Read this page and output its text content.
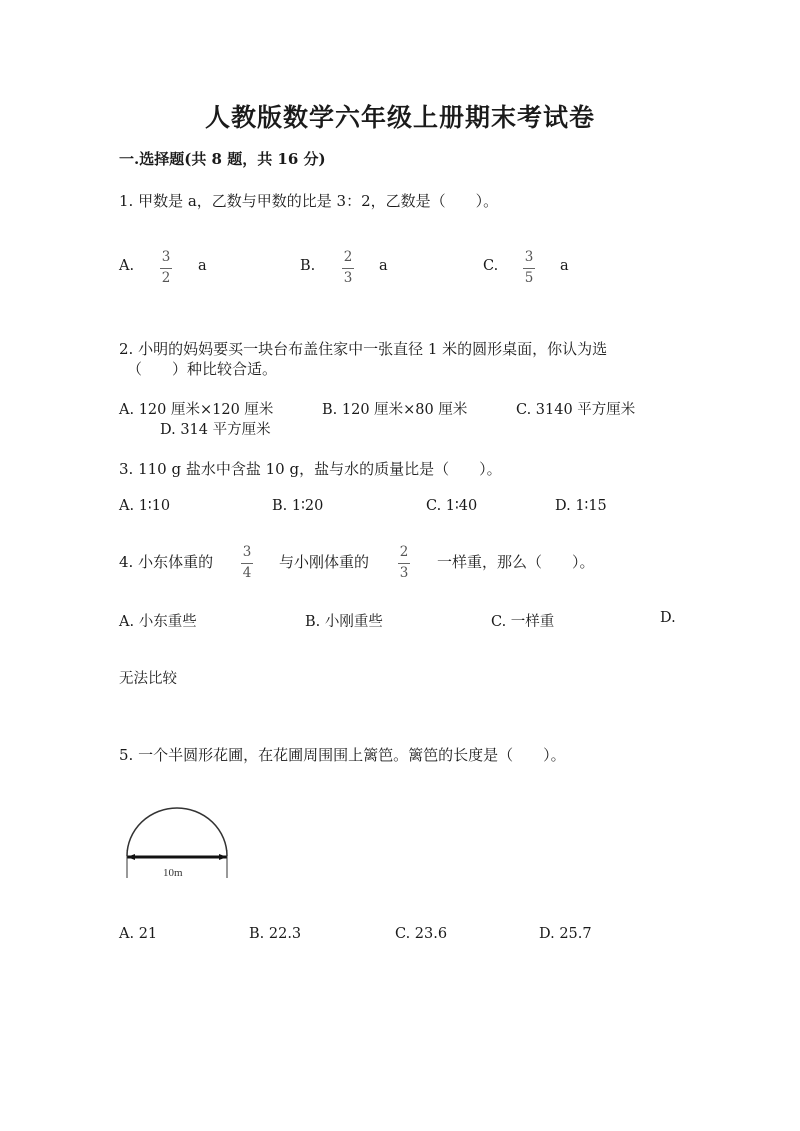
人教版数学六年级上册期末考试卷
一.选择题(共 8 题，共 16 分)
1. 甲数是 a，乙数与甲数的比是 3：2，乙数是（　　）。
A.
3
2
a	B.
2
3
a	C.
3
5
a
2. 小明的妈妈要买一块台布盖住家中一张直径 1 米的圆形桌面，你认为选
（　　）种比较合适。
A. 120 厘米×120 厘米	B. 120 厘米×80 厘米	C. 3140 平方厘米
D. 314 平方厘米
3. 110 g 盐水中含盐 10 g，盐与水的质量比是（　　）。
A. 1∶10	B. 1∶20	C. 1∶40	D. 1∶15
4. 小东体重的
3
4
与小刚体重的
2
3
一样重，那么（　　）。
A. 小东重些	B. 小刚重些	C. 一样重	D.
无法比较
5. 一个半圆形花圃，在花圃周围围上篱笆。篱笆的长度是（　　）。
10m
A. 21	B. 22.3	C. 23.6	D. 25.7
